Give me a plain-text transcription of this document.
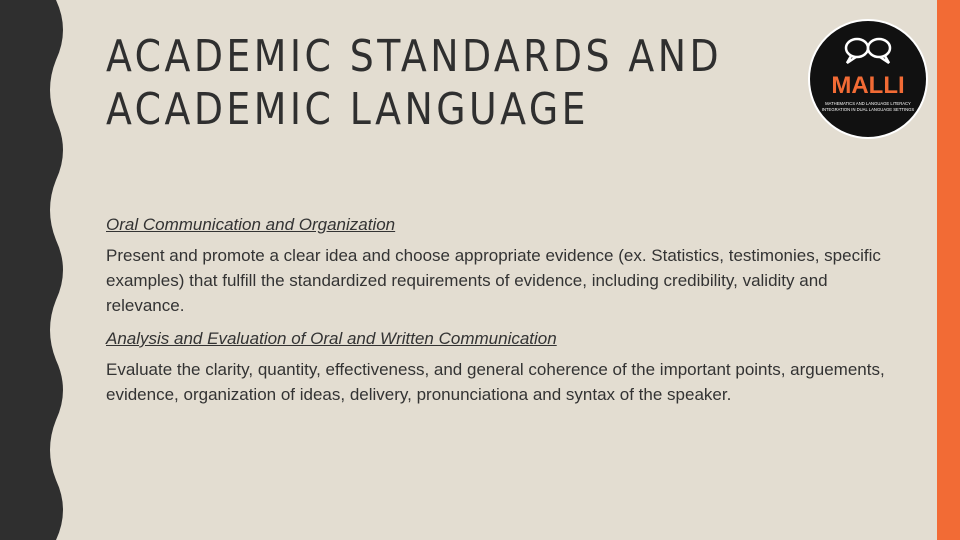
ACADEMIC STANDARDS AND
ACADEMIC LANGUAGE	MALLI
MATHEMATICS AND LANGUAGE LITERACY
INTEGRATION IN DUAL LANGUAGE SETTINGS

Oral Communication and Organization

Present and promote a clear idea and choose appropriate evidence (ex. Statistics, testimonies, specific examples) that fulfill the standardized requirements of evidence, including credibility, validity and relevance.

Analysis and Evaluation of Oral and Written Communication

Evaluate the clarity, quantity, effectiveness, and general coherence of the important points, arguements, evidence, organization of ideas, delivery, pronunciationa and syntax of the speaker.
